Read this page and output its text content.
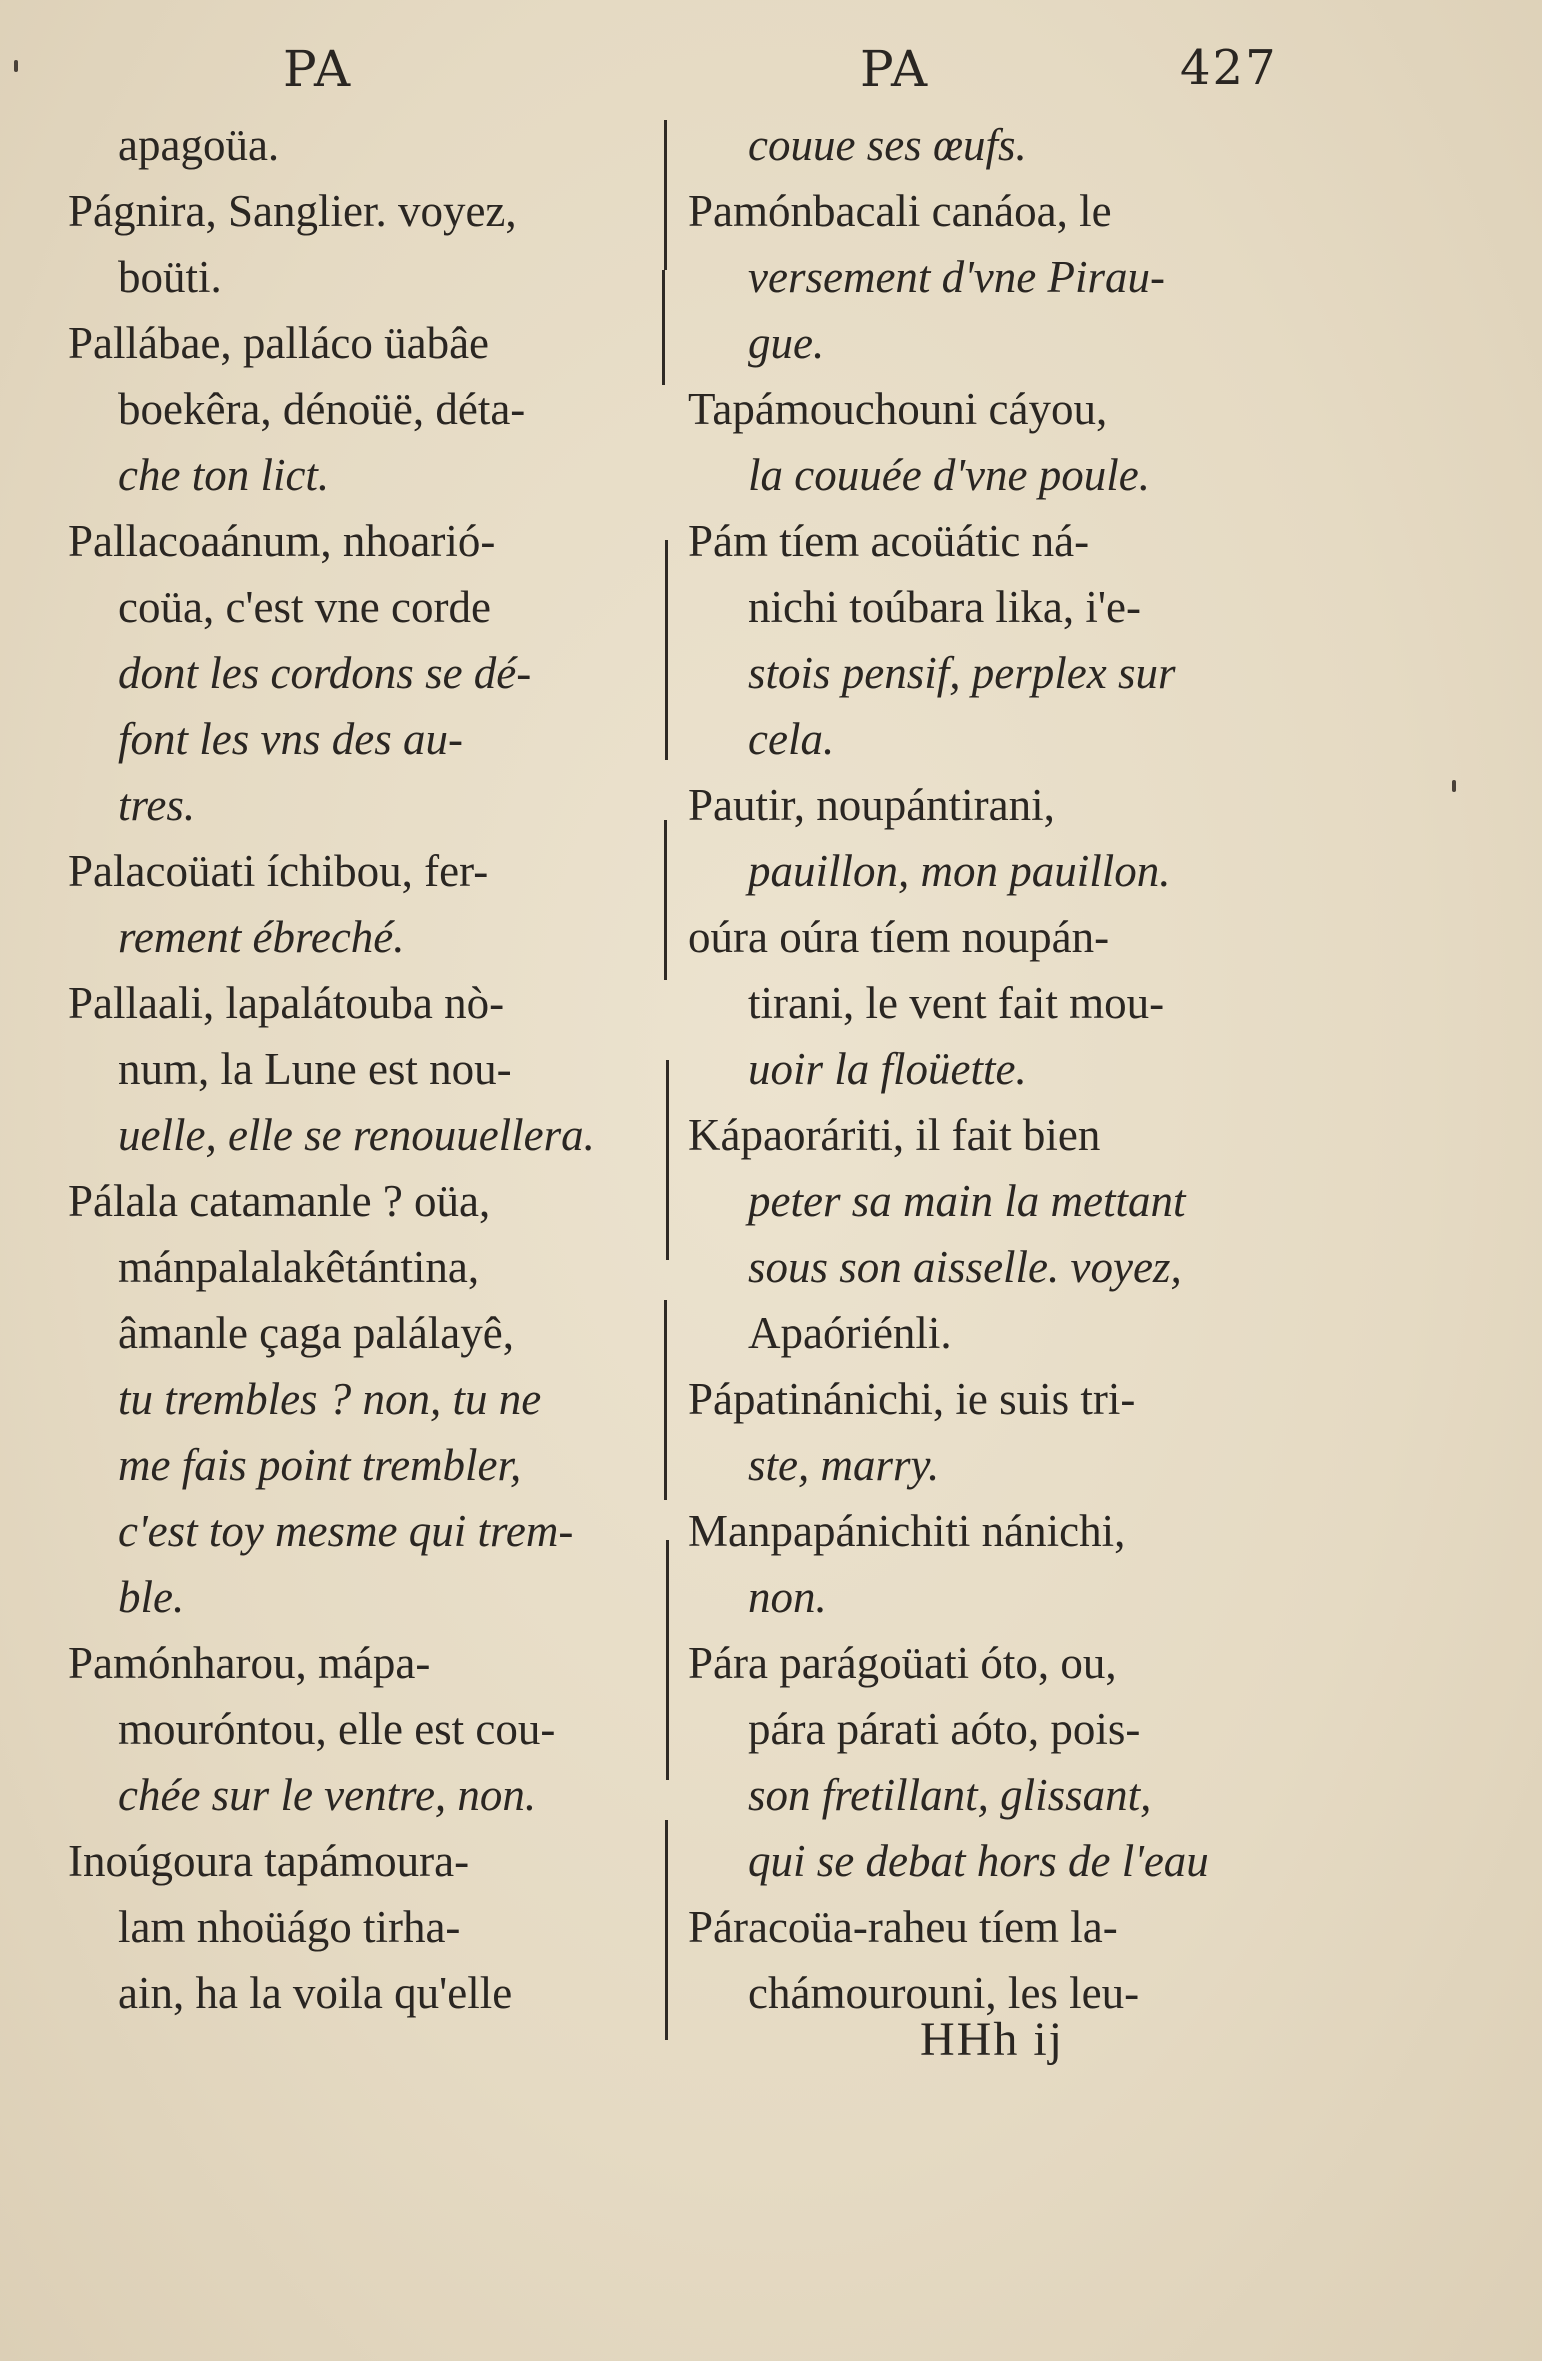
PA	PA	427
apagoüa.
Págnira, Sanglier. voyez,
boüti.
Pallábae, palláco üabâe
boekêra, dénoüë, déta-
che ton lict.
Pallacoaánum, nhoarió-
coüa, c'est vne corde
dont les cordons se dé-
font les vns des au-
tres.
Palacoüati íchibou, fer-
rement ébreché.
Pallaali, lapalátouba nò-
num, la Lune est nou-
uelle, elle se renouuellera.
Pálala catamanle ? oüa,
mánpalalakêtántina,
âmanle çaga palálayê,
tu trembles ? non, tu ne
me fais point trembler,
c'est toy mesme qui trem-
ble.
Pamónharou, mápa-
mouróntou, elle est cou-
chée sur le ventre, non.
Inoúgoura tapámoura-
lam nhoüágo tirha-
ain, ha la voila qu'elle
couue ses œufs.
Pamónbacali canáoa, le
versement d'vne Pirau-
gue.
Tapámouchouni cáyou,
la couuée d'vne poule.
Pám tíem acoüátic ná-
nichi toúbara lika, i'e-
stois pensif, perplex sur
cela.
Pautir, noupántirani,
pauillon, mon pauillon.
oúra oúra tíem noupán-
tirani, le vent fait mou-
uoir la floüette.
Kápaoráriti, il fait bien
peter sa main la mettant
sous son aisselle. voyez,
Apaóriénli.
Pápatinánichi, ie suis tri-
ste, marry.
Manpapánichiti nánichi,
non.
Pára parágoüati óto, ou,
pára párati aóto, pois-
son fretillant, glissant,
qui se debat hors de l'eau
Páracoüa-raheu tíem la-
chámourouni, les leu-
HHh ij
